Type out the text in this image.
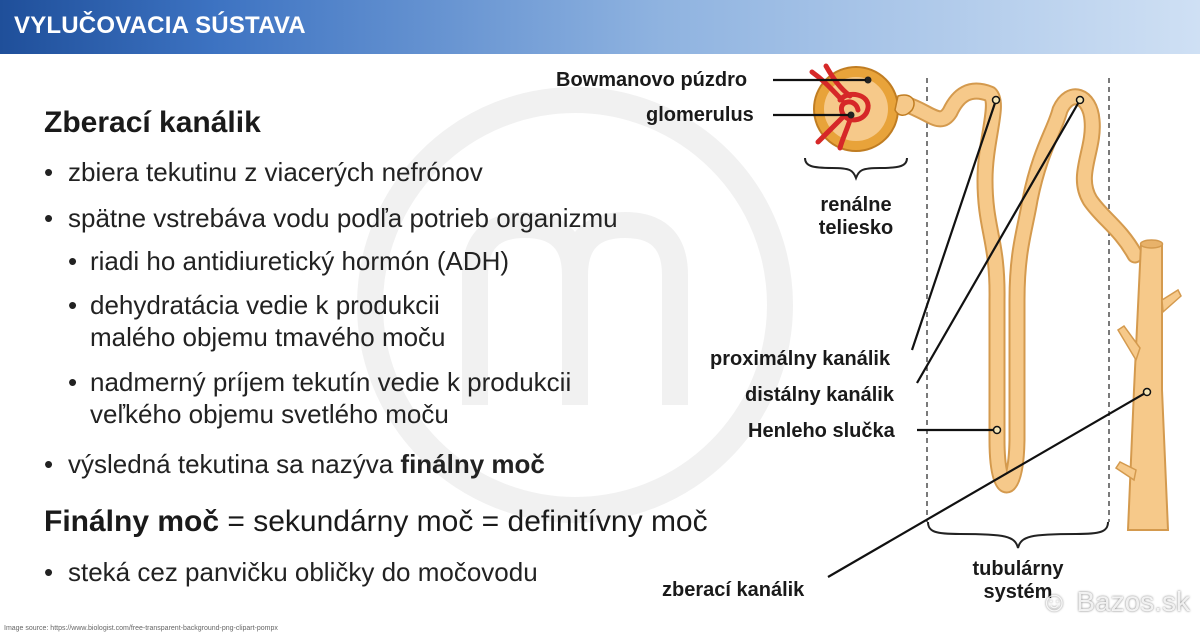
VYLUČOVACIA SÚSTAVA
Zberací kanálik
• zbiera tekutinu z viacerých nefrónov
• spätne vstrebáva vodu podľa potrieb organizmu
• riadi ho antidiuretický hormón (ADH)
• dehydratácia vedie k produkcii
malého objemu tmavého moču
• nadmerný príjem tekutín vedie k produkcii
veľkého objemu svetlého moču
• výsledná tekutina sa nazýva finálny moč
Finálny moč = sekundárny moč = definitívny moč
• steká cez panvičku obličky do močovodu
Bowmanovo púzdro
glomerulus
renálne
teliesko
proximálny kanálik
distálny kanálik
Henleho slučka
zberací kanálik
tubulárny
systém
Image source: https://www.biologist.com/free-transparent-background-png-clipart-pompx
☺ Bazos.sk
